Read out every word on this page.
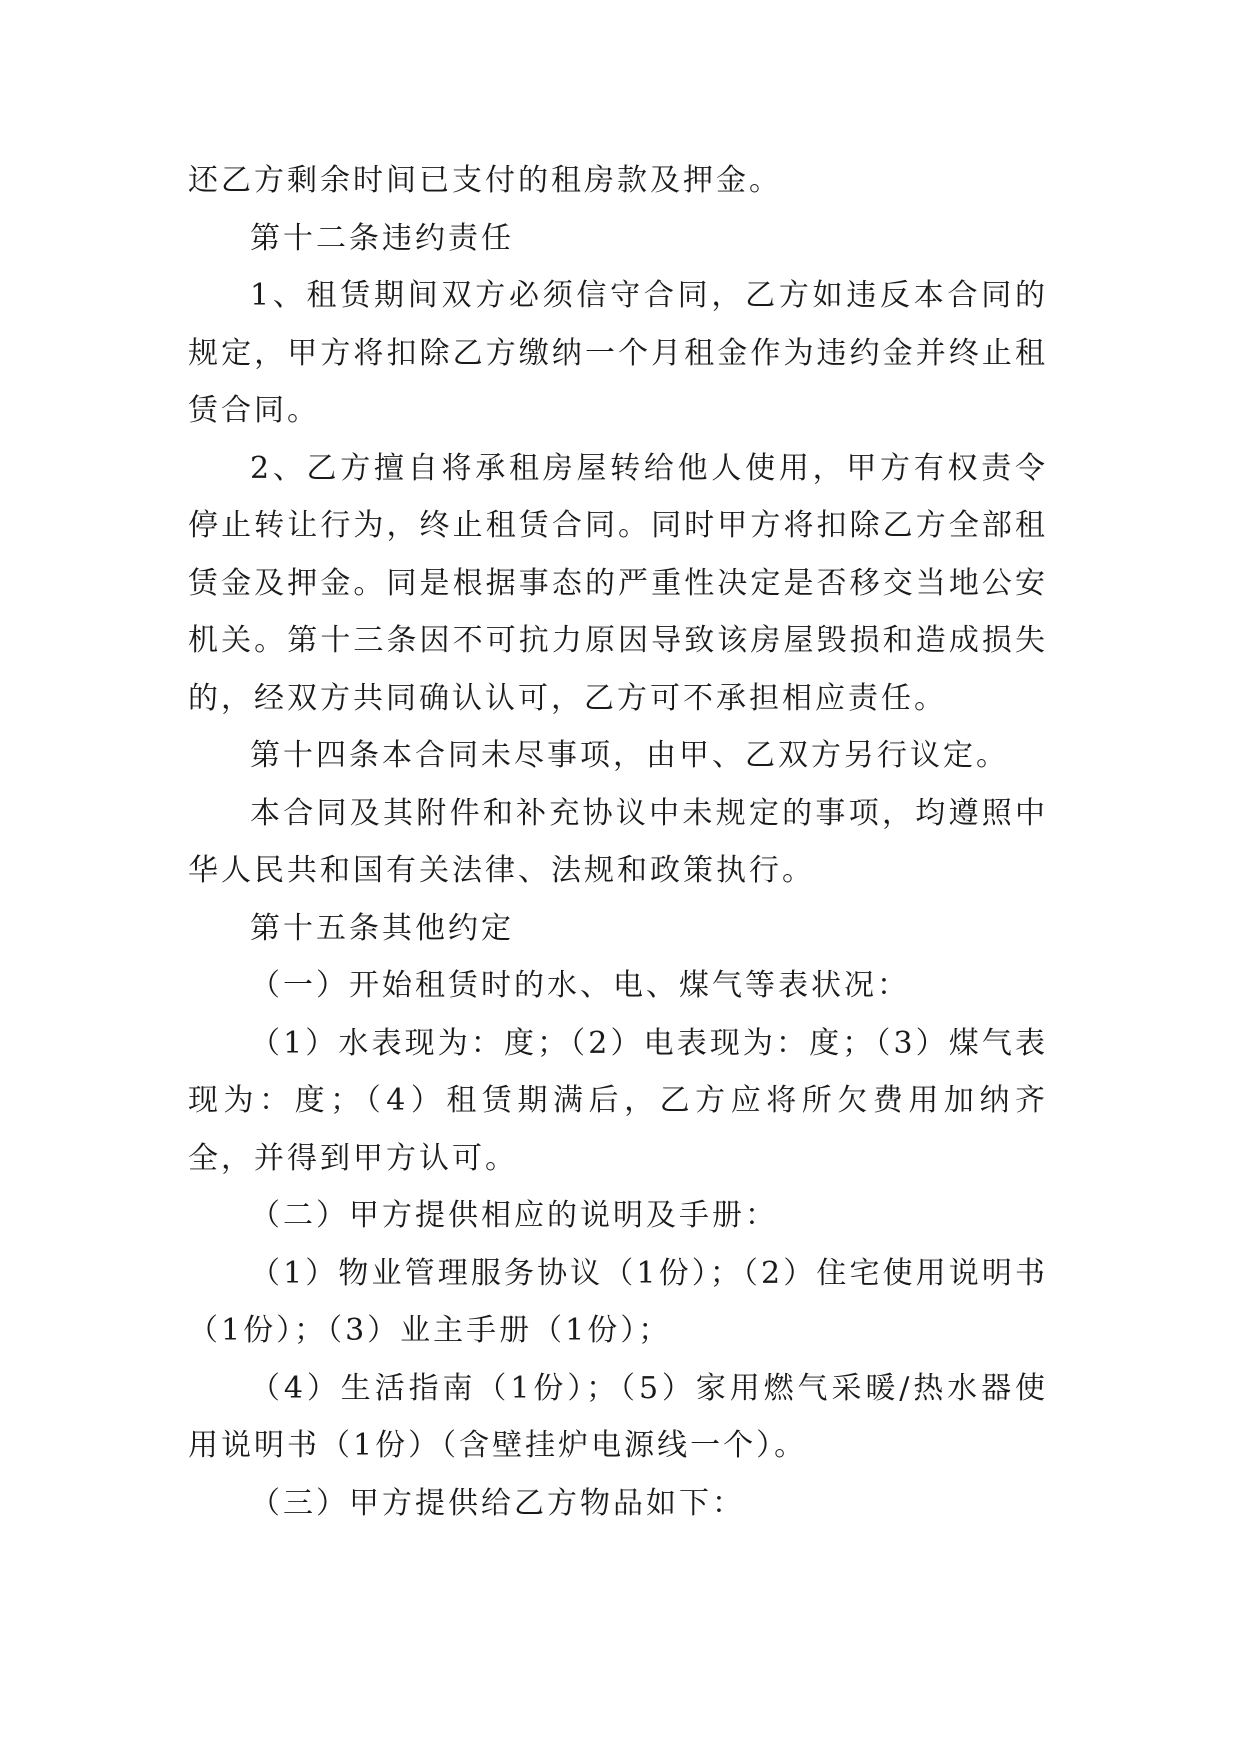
还乙方剩余时间已支付的租房款及押金。

第十二条违约责任

1、租赁期间双方必须信守合同，乙方如违反本合同的规定，甲方将扣除乙方缴纳一个月租金作为违约金并终止租赁合同。

2、乙方擅自将承租房屋转给他人使用，甲方有权责令停止转让行为，终止租赁合同。同时甲方将扣除乙方全部租赁金及押金。同是根据事态的严重性决定是否移交当地公安机关。第十三条因不可抗力原因导致该房屋毁损和造成损失的，经双方共同确认认可，乙方可不承担相应责任。

第十四条本合同未尽事项，由甲、乙双方另行议定。

本合同及其附件和补充协议中未规定的事项，均遵照中华人民共和国有关法律、法规和政策执行。

第十五条其他约定

（一）开始租赁时的水、电、煤气等表状况：

（1）水表现为：度；（2）电表现为：度；（3）煤气表现为：度；（4）租赁期满后，乙方应将所欠费用加纳齐全，并得到甲方认可。

（二）甲方提供相应的说明及手册：

（1）物业管理服务协议（1份）；（2）住宅使用说明书（1份）；（3）业主手册（1份）；

（4）生活指南（1份）；（5）家用燃气采暖/热水器使用说明书（1份）（含壁挂炉电源线一个）。

（三）甲方提供给乙方物品如下：
